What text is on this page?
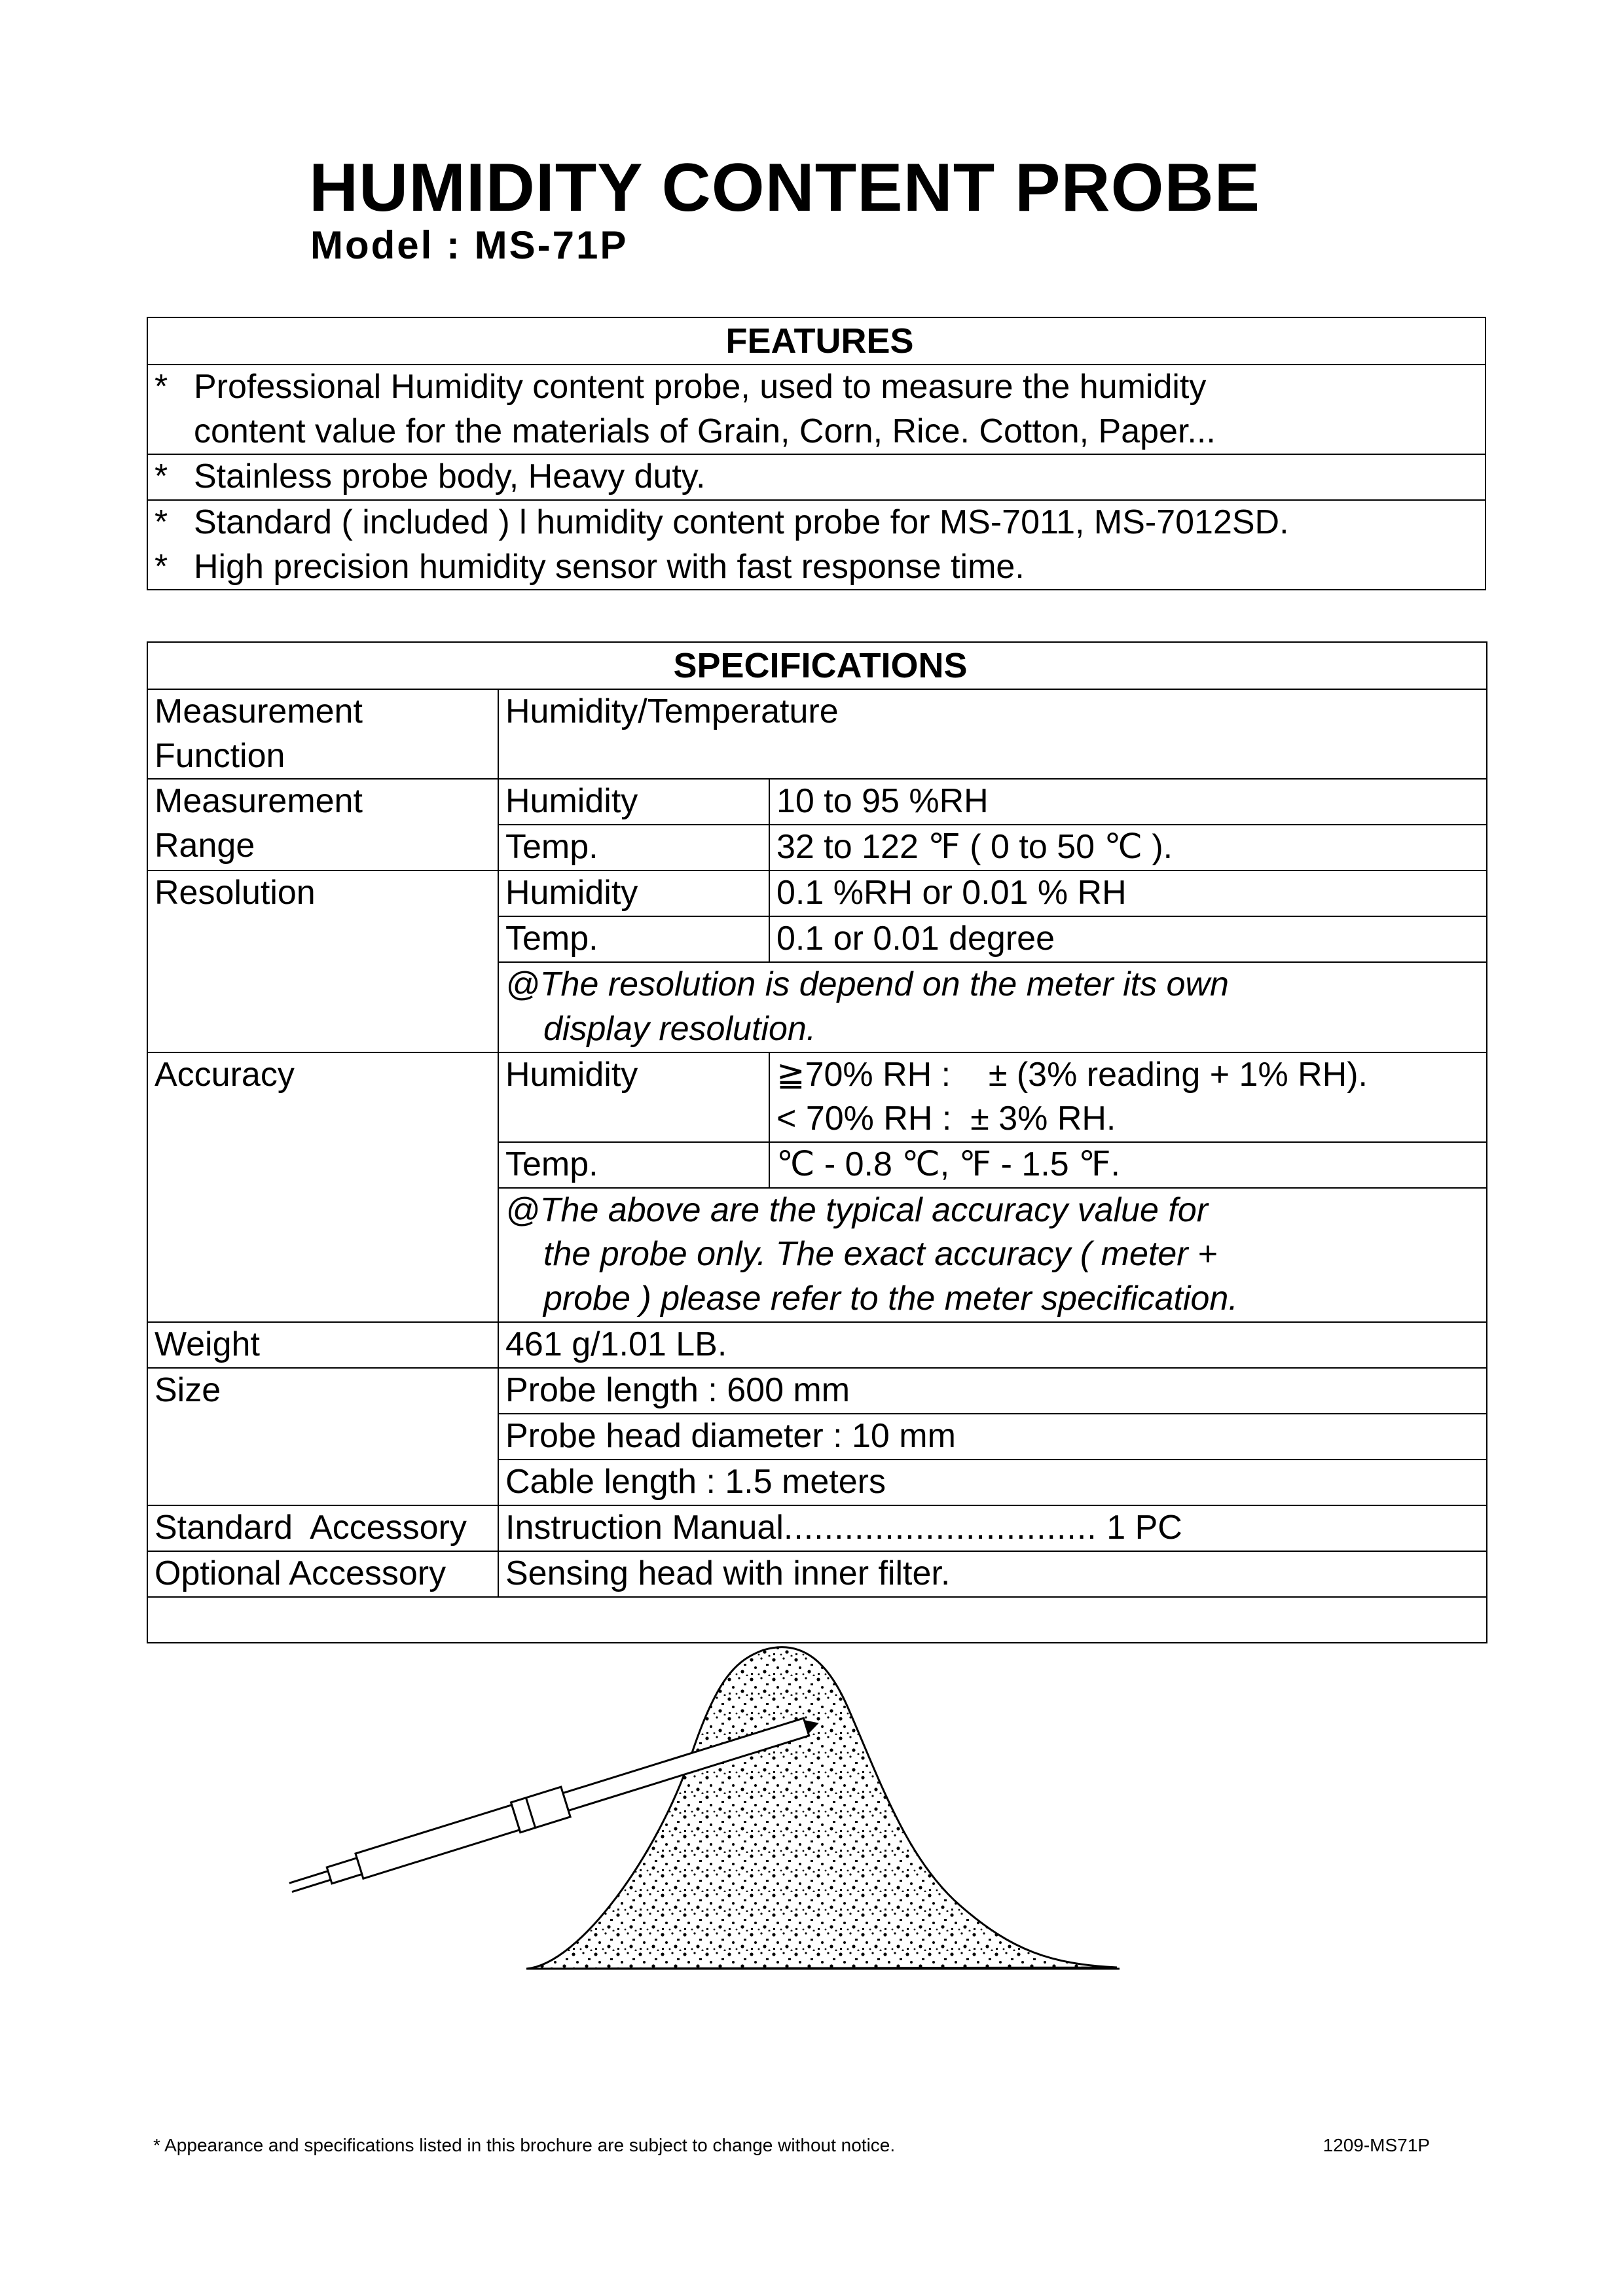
HUMIDITY CONTENT PROBE
Model : MS-71P
FEATURES

* Professional Humidity content probe, used to measure the humidity
content value for the materials of Grain, Corn, Rice. Cotton, Paper...

* Stainless probe body, Heavy duty.

* Standard ( included ) l humidity content probe for MS-7011, MS-7012SD.
* High precision humidity sensor with fast response time.
SPECIFICATIONS		

Measurement
Function	Humidity/Temperature	

Measurement
Range	Humidity	10 to 95 %RH
	Temp.	32 to 122 ℉ ( 0 to 50 ℃ ).
Resolution	Humidity	0.1 %RH or 0.01 % RH
	Temp.	0.1 or 0.01 degree

	@The resolution is depend on the meter its own
display resolution.	

Accuracy	Humidity	≧70% RH :    ± (3% reading + 1% RH).
< 70% RH :  ± 3% RH.

	Temp.	℃ - 0.8 ℃, ℉ - 1.5 ℉.

	@The above are the typical accuracy value for
the probe only. The exact accuracy ( meter +
probe ) please refer to the meter specification.	

Weight	461 g/1.01 LB.	
Size	Probe length : 600 mm	
	Probe head diameter : 10 mm	
	Cable length : 1.5 meters	
Standard  Accessory	Instruction Manual............................... 1 PC	
Optional Accessory	Sensing head with inner filter.	

* Appearance and specifications listed in this brochure are subject to change without notice.	1209-MS71P
